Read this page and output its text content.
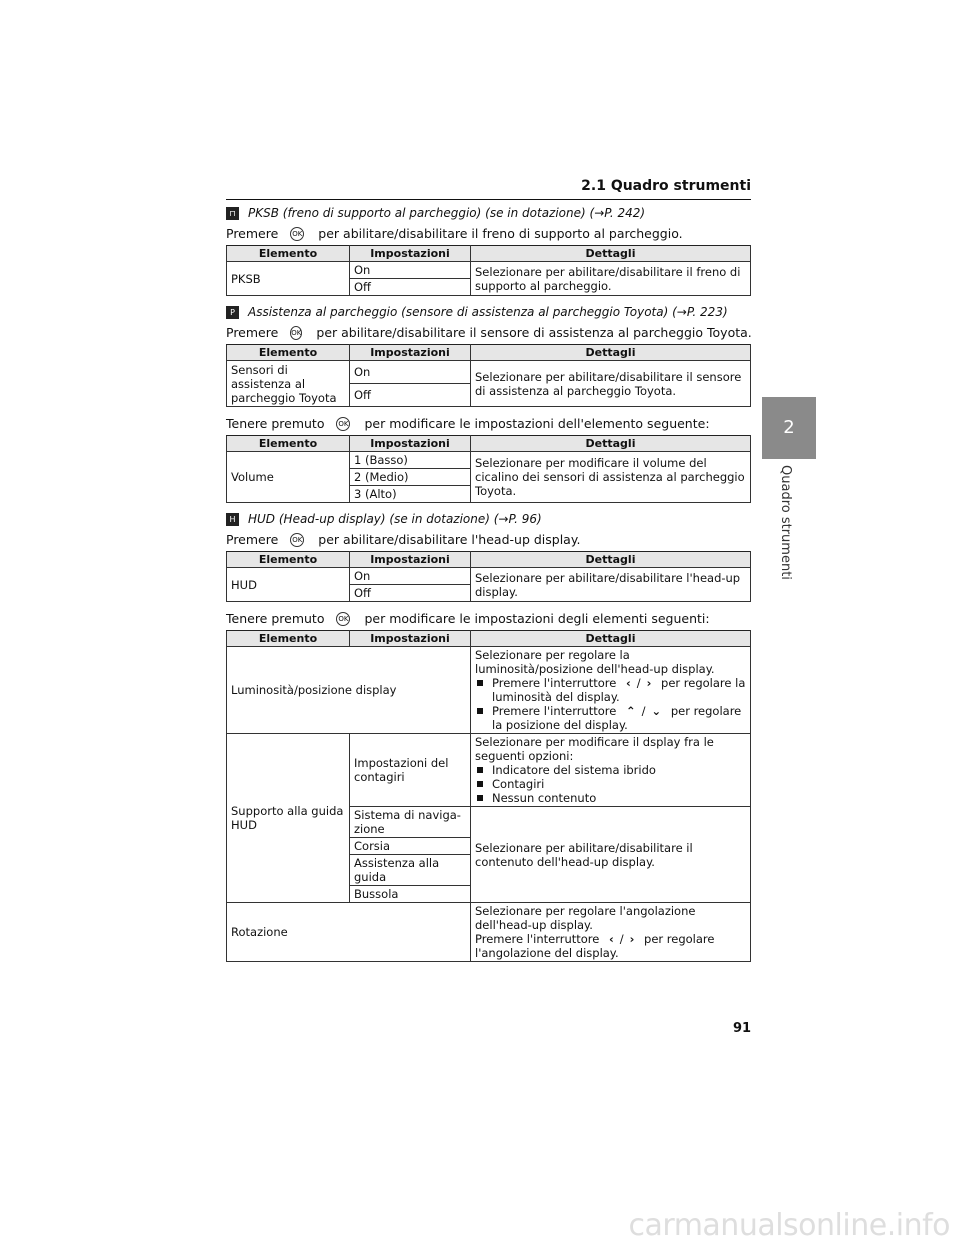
2.1 Quadro strumenti
2
Quadro strumenti
⊓ PKSB (freno di supporto al parcheggio) (se in dotazione) (→P. 242)
Premere OK per abilitare/disabilitare il freno di supporto al parcheggio.
Elemento	Impostazioni	Dettagli
PKSB	On	Selezionare per abilitare/disabilitare il freno di supporto al parcheggio.
	Off	
P	Assistenza al parcheggio (sensore di assistenza al parcheggio Toyota) (→P. 223)
Premere OK per abilitare/disabilitare il sensore di assistenza al parcheggio Toyota.
Elemento	Impostazioni	Dettagli
Sensori di assistenza al parcheggio Toyota	On	Selezionare per abilitare/disabilitare il sensore di assistenza al parcheggio Toyota.
	Off	
Tenere premuto OK per modificare le impostazioni dell'elemento seguente:
Elemento	Impostazioni	Dettagli
Volume	1 (Basso)	Selezionare per modificare il volume del cicalino dei sensori di assistenza al parcheggio Toyota.
	2 (Medio)	
	3 (Alto)	
H HUD (Head-up display) (se in dotazione) (→P. 96)
Premere OK per abilitare/disabilitare l'head-up display.
Elemento	Impostazioni	Dettagli
HUD	On	Selezionare per abilitare/disabilitare l'head-up display.
	Off	
Tenere premuto OK per modificare le impostazioni degli elementi seguenti:
Elemento	Impostazioni	Dettagli
Luminosità/posizione display		Selezionare per regolare la luminosità/posizione dell'head-up display.
Premere l'interruttore ‹ / › per regolare la luminosità del display.
Premere l'interruttore ⌃ / ⌄ per regolare la posizione del display.

Supporto alla guida HUD	Impostazioni del contagiri	Selezionare per modificare il dsplay fra le seguenti opzioni:
Indicatore del sistema ibrido
Contagiri
Nessun contenuto

	Sistema di naviga-zione	Selezionare per abilitare/disabilitare il contenuto dell'head-up display.
	Corsia	
	Assistenza alla guida	
	Bussola	
Rotazione		Selezionare per regolare l'angolazione dell'head-up display.
Premere l'interruttore ‹ / › per regolare l'angolazione del display.
91
carmanualsonline.info
